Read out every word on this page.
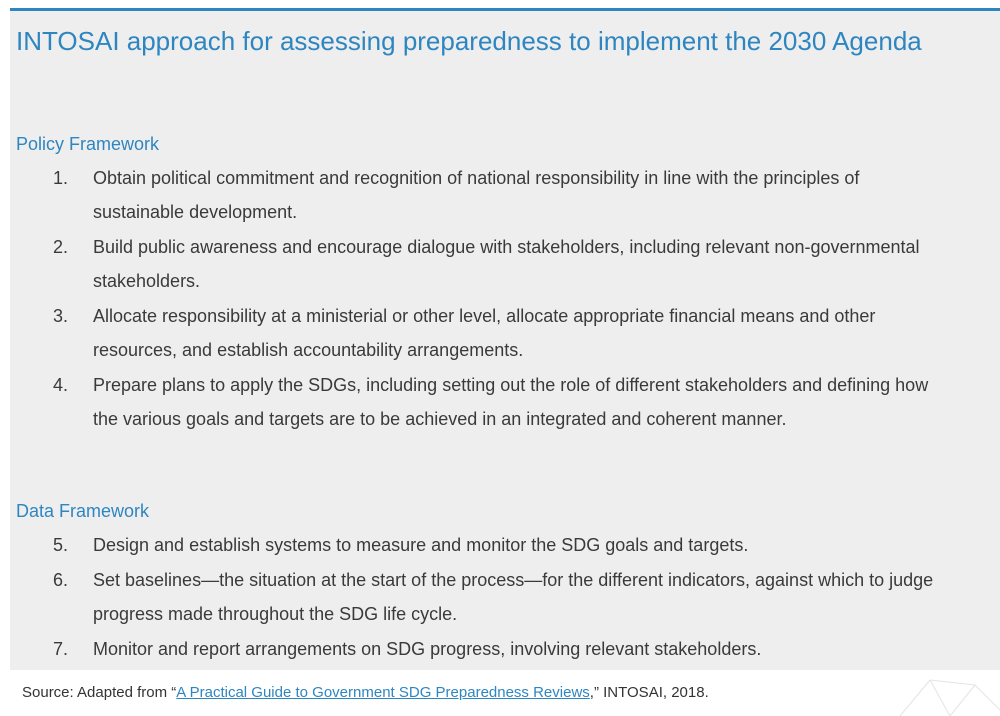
INTOSAI approach for assessing preparedness to implement the 2030 Agenda
Policy Framework
1.	Obtain political commitment and recognition of national responsibility in line with the principles of sustainable development.
2.	Build public awareness and encourage dialogue with stakeholders, including relevant non-governmental stakeholders.
3.	Allocate responsibility at a ministerial or other level, allocate appropriate financial means and other resources, and establish accountability arrangements.
4.	Prepare plans to apply the SDGs, including setting out the role of different stakeholders and defining how the various goals and targets are to be achieved in an integrated and coherent manner.
Data Framework
5.	Design and establish systems to measure and monitor the SDG goals and targets.
6.	Set baselines—the situation at the start of the process—for the different indicators, against which to judge progress made throughout the SDG life cycle.
7.	Monitor and report arrangements on SDG progress, involving relevant stakeholders.
Source: Adapted from “A Practical Guide to Government SDG Preparedness Reviews,” INTOSAI, 2018.
